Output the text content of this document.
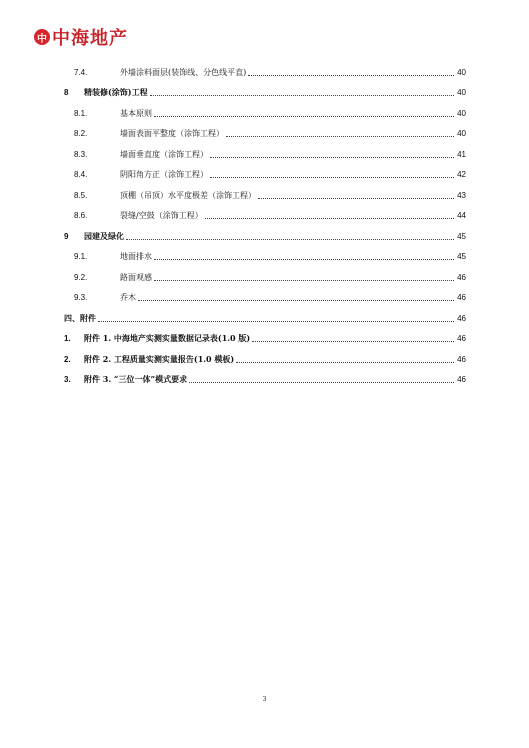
中 中海地产
7.4.	外墙涂料面层(装饰线、分色线平直)	40
8	精装修(涂饰)工程	40
8.1.	基本原则	40
8.2.	墙面表面平整度（涂饰工程）	40
8.3.	墙面垂直度（涂饰工程）	41
8.4.	阴阳角方正（涂饰工程）	42
8.5.	顶棚（吊顶）水平度极差（涂饰工程）	43
8.6.	裂缝/空鼓（涂饰工程）	44
9	园建及绿化	45
9.1.	地面排水	45
9.2.	路面观感	46
9.3.	乔木	46
四、附件	46
1.	附件 1. 中海地产实测实量数据记录表(1.0 版)	46
2.	附件 2. 工程质量实测实量报告(1.0 模板)	46
3.	附件 3. “三位一体”模式要求	46
3
